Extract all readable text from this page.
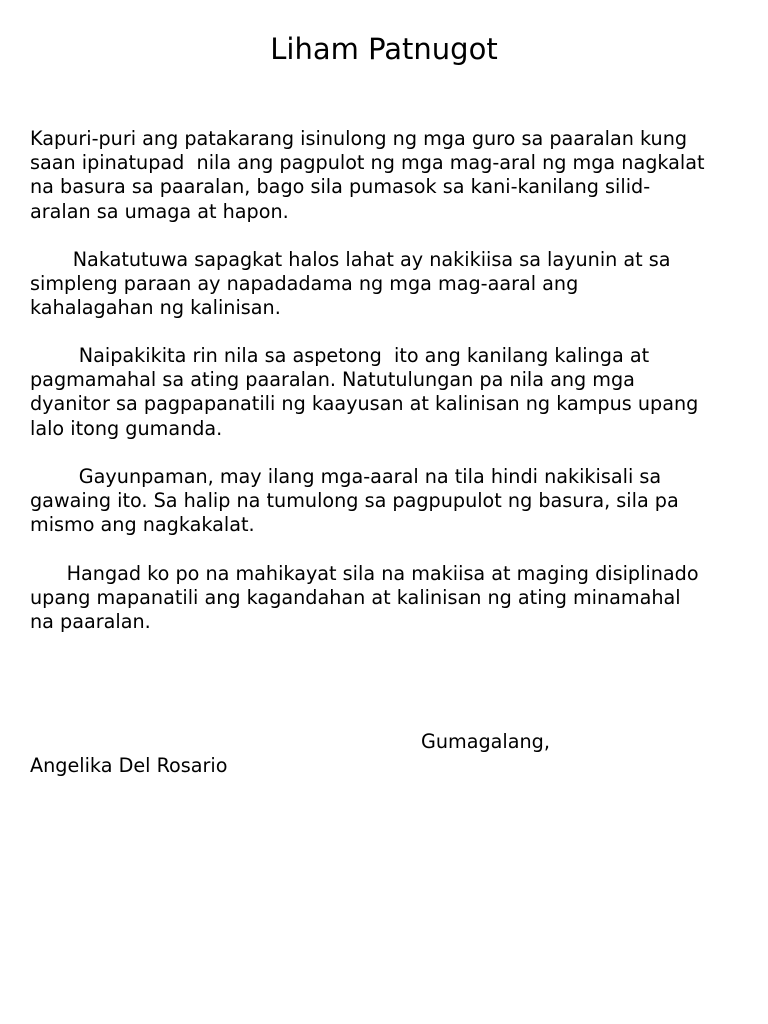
Liham Patnugot

Kapuri-puri ang patakarang isinulong ng mga guro sa paaralan kung
saan ipinatupad  nila ang pagpulot ng mga mag-aral ng mga nagkalat
na basura sa paaralan, bago sila pumasok sa kani-kanilang silid-
aralan sa umaga at hapon.

Nakatutuwa sapagkat halos lahat ay nakikiisa sa layunin at sa
simpleng paraan ay napadadama ng mga mag-aaral ang
kahalagahan ng kalinisan.

Naipakikita rin nila sa aspetong  ito ang kanilang kalinga at
pagmamahal sa ating paaralan. Natutulungan pa nila ang mga
dyanitor sa pagpapanatili ng kaayusan at kalinisan ng kampus upang
lalo itong gumanda.

Gayunpaman, may ilang mga-aaral na tila hindi nakikisali sa
gawaing ito. Sa halip na tumulong sa pagpupulot ng basura, sila pa
mismo ang nagkakalat.

Hangad ko po na mahikayat sila na makiisa at maging disiplinado
upang mapanatili ang kagandahan at kalinisan ng ating minamahal
na paaralan.

Gumagalang,

Angelika Del Rosario
